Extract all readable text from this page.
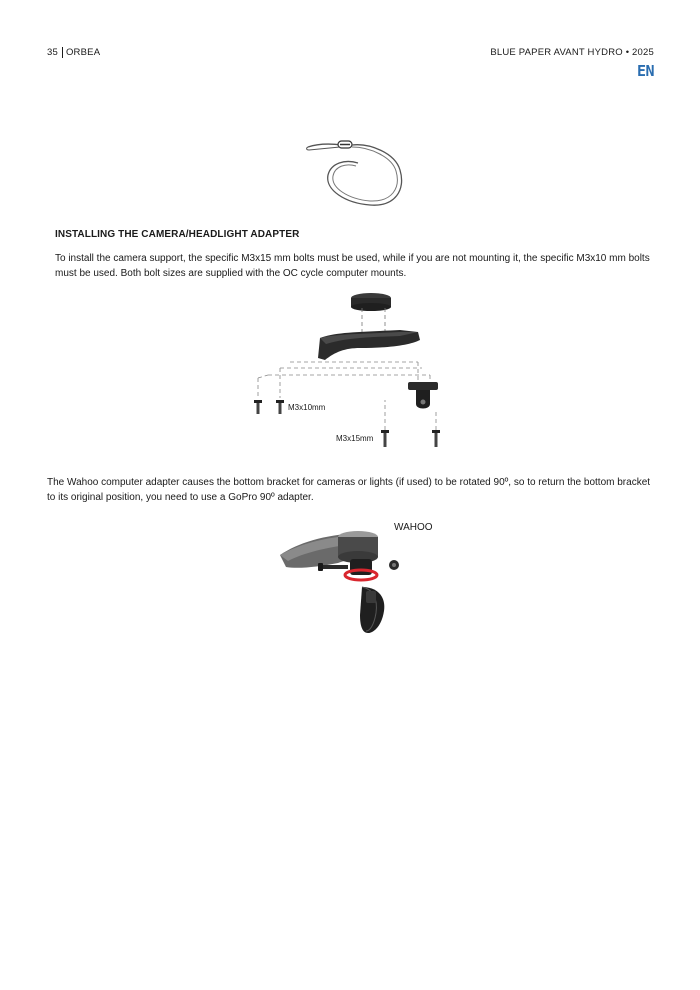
35 ORBEA	BLUE PAPER AVANT HYDRO • 2025
EN
INSTALLING THE CAMERA/HEADLIGHT ADAPTER
To install the camera support, the specific M3x15 mm bolts must be used, while if you are not mounting it, the specific M3x10 mm bolts must be used. Both bolt sizes are supplied with the OC cycle computer mounts.
M3x10mm
M3x15mm
The Wahoo computer adapter causes the bottom bracket for cameras or lights (if used) to be rotated 90º, so to return the bottom bracket to its original position, you need to use a GoPro 90º adapter.
WAHOO
